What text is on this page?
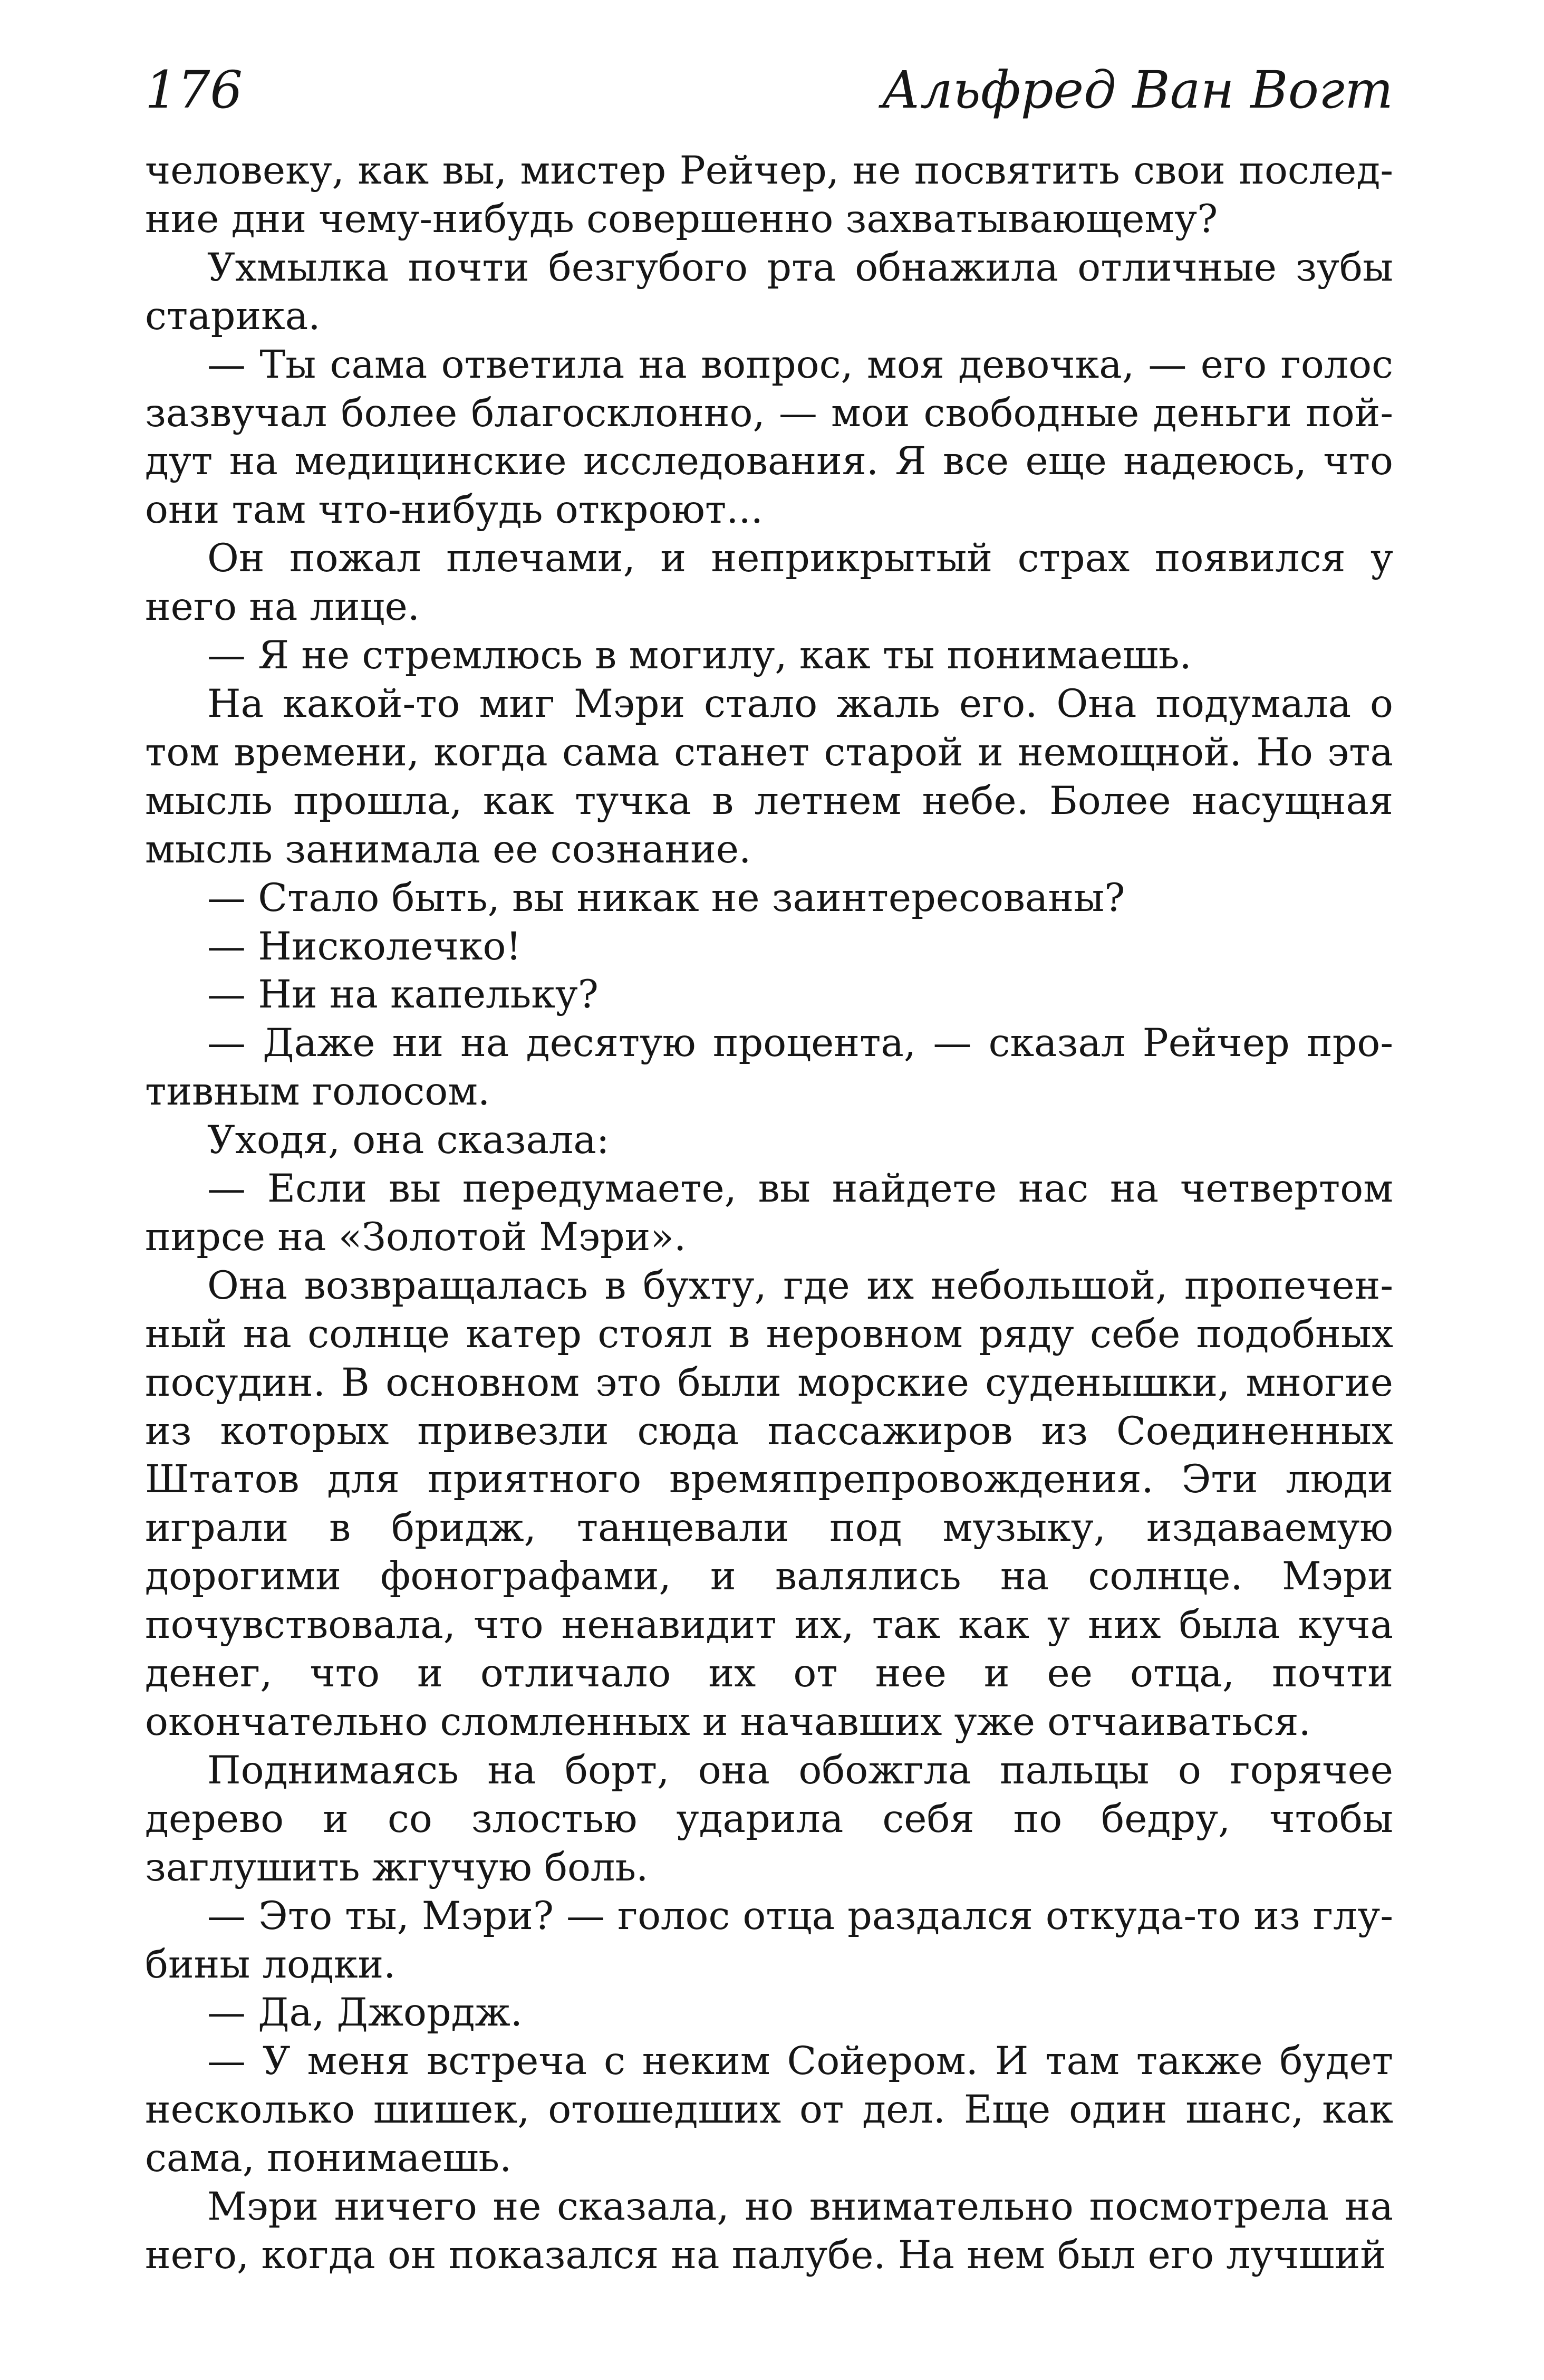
176	Альфред Ван Вогт

человеку, как вы, мистер Рейчер, не посвятить свои последние дни чему-нибудь совершенно захватывающему?

Ухмылка почти безгубого рта обнажила отличные зубы старика.

— Ты сама ответила на вопрос, моя девочка, — его голос зазвучал более благосклонно, — мои свободные деньги пойдут на медицинские исследования. Я все еще надеюсь, что они там что-нибудь откроют...

Он пожал плечами, и неприкрытый страх появился у него на лице.

— Я не стремлюсь в могилу, как ты понимаешь.

На какой-то миг Мэри стало жаль его. Она подумала о том времени, когда сама станет старой и немощной. Но эта мысль прошла, как тучка в летнем небе. Более насущная мысль занимала ее сознание.

— Стало быть, вы никак не заинтересованы?

— Нисколечко!

— Ни на капельку?

— Даже ни на десятую процента, — сказал Рейчер противным голосом.

Уходя, она сказала:

— Если вы передумаете, вы найдете нас на четвертом пирсе на «Золотой Мэри».

Она возвращалась в бухту, где их небольшой, пропеченный на солнце катер стоял в неровном ряду себе подобных посудин. В основном это были морские суденышки, многие из которых привезли сюда пассажиров из Соединенных Штатов для приятного времяпрепровождения. Эти люди играли в бридж, танцевали под музыку, издаваемую дорогими фонографами, и валялись на солнце. Мэри почувствовала, что ненавидит их, так как у них была куча денег, что и отличало их от нее и ее отца, почти окончательно сломленных и начавших уже отчаиваться.

Поднимаясь на борт, она обожгла пальцы о горячее дерево и со злостью ударила себя по бедру, чтобы заглушить жгучую боль.

— Это ты, Мэри? — голос отца раздался откуда-то из глубины лодки.

— Да, Джордж.

— У меня встреча с неким Сойером. И там также будет несколько шишек, отошедших от дел. Еще один шанс, как сама, понимаешь.

Мэри ничего не сказала, но внимательно посмотрела на него, когда он показался на палубе. На нем был его лучший
